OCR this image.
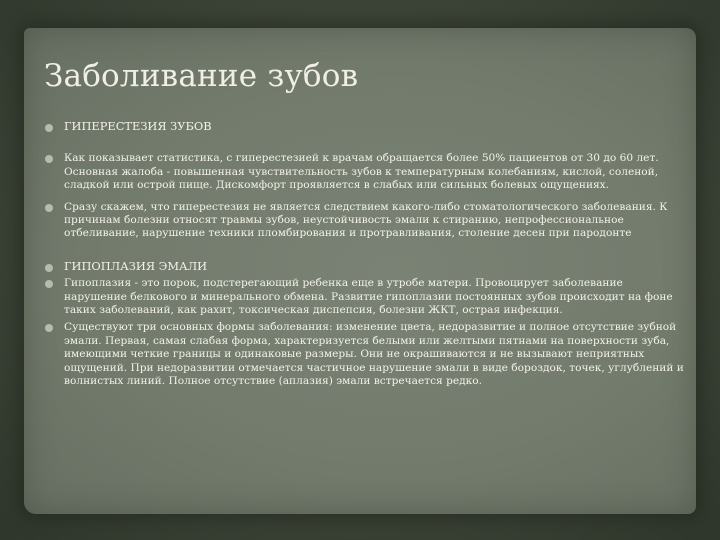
Заболивание зубов
ГИПЕРЕСТЕЗИЯ ЗУБОВ
Как показывает статистика, с гиперестезией к врачам обращается более 50% пациентов от 30 до 60 лет. Основная жалоба - повышенная чувствительность зубов к температурным колебаниям, кислой, соленой, сладкой или острой пище. Дискомфорт проявляется в слабых или сильных болевых ощущениях.
Сразу скажем, что гиперестезия не является следствием какого-либо стоматологического заболевания. К причинам болезни относят травмы зубов, неустойчивость эмали к стиранию, непрофессиональное отбеливание, нарушение техники пломбирования и протравливания, столение десен при пародонте
ГИПОПЛАЗИЯ ЭМАЛИ
Гипоплазия - это порок, подстерегающий ребенка еще в утробе матери. Провоцирует заболевание нарушение белкового и минерального обмена. Развитие гипоплазии постоянных зубов происходит на фоне таких заболеваний, как рахит, токсическая диспепсия, болезни ЖКТ, острая инфекция.
Существуют три основных формы заболевания: изменение цвета, недоразвитие и полное отсутствие зубной эмали. Первая, самая слабая форма, характеризуется белыми или желтыми пятнами на поверхности зуба, имеющими четкие границы и одинаковые размеры. Они не окрашиваются и не вызывают неприятных ощущений. При недоразвитии отмечается частичное нарушение эмали в виде бороздок, точек, углублений и волнистых линий. Полное отсутствие (аплазия) эмали встречается редко.
